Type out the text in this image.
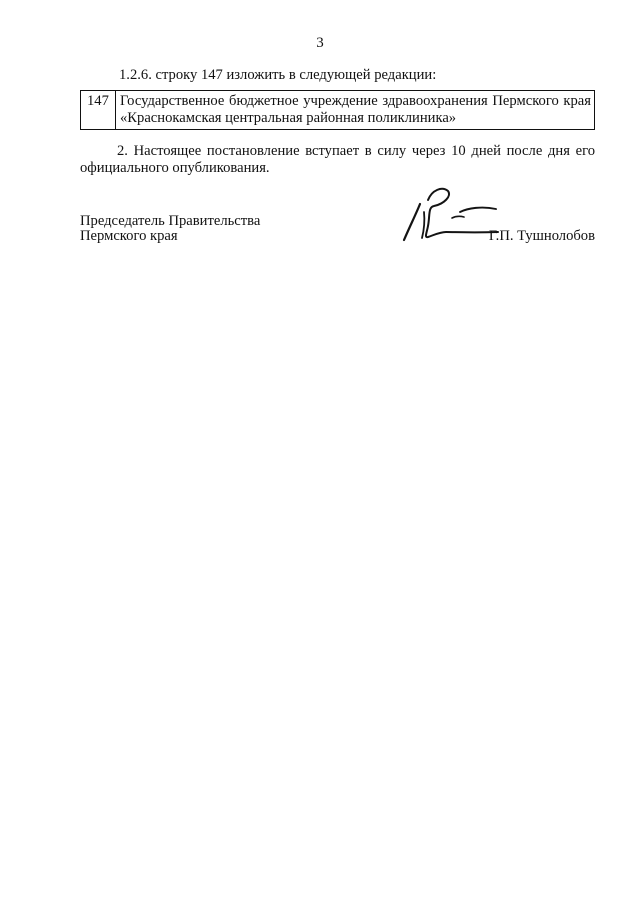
3
1.2.6. строку 147 изложить в следующей редакции:
147	Государственное бюджетное учреждение здравоохранения Пермского края «Краснокамская центральная районная поликлиника»
2. Настоящее постановление вступает в силу через 10 дней после дня его официального опубликования.
Председатель Правительства
Пермского края	Г.П. Тушнолобов
